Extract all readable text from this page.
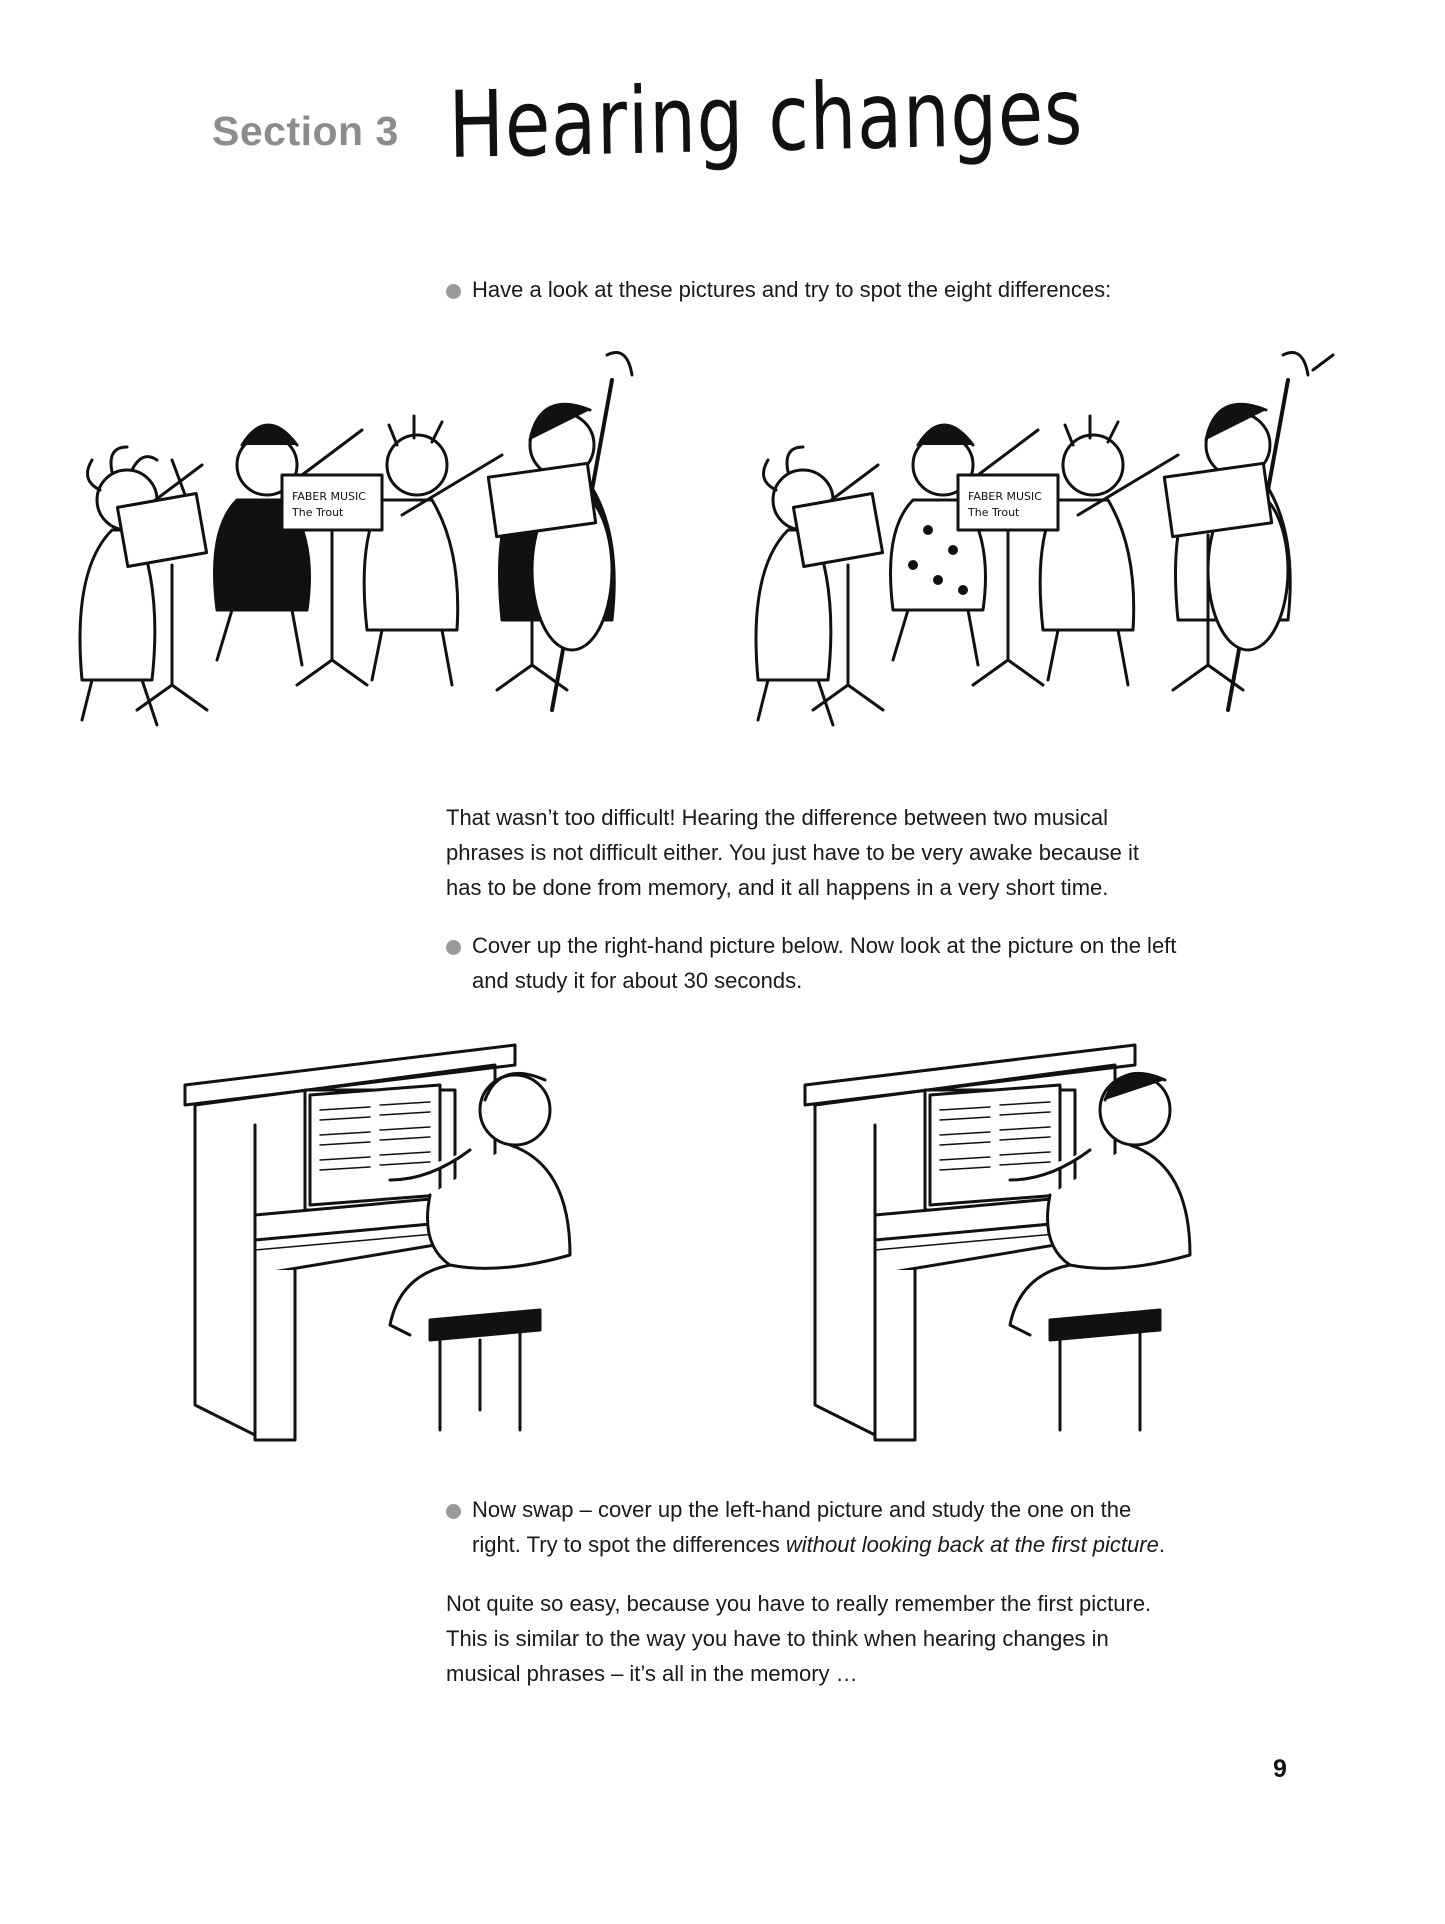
Section 3 Hearing changes
Have a look at these pictures and try to spot the eight differences:
FABER MUSIC
The Trout
FABER MUSIC
The Trout

That wasn’t too difficult! Hearing the difference between two musical

phrases is not difficult either. You just have to be very awake because it

has to be done from memory, and it all happens in a very short time.

Cover up the right-hand picture below. Now look at the picture on the left

and study it for about 30 seconds.

Now swap – cover up the left-hand picture and study the one on the

right. Try to spot the differences without looking back at the first picture.

Not quite so easy, because you have to really remember the first picture.

This is similar to the way you have to think when hearing changes in

musical phrases – it’s all in the memory …

9
